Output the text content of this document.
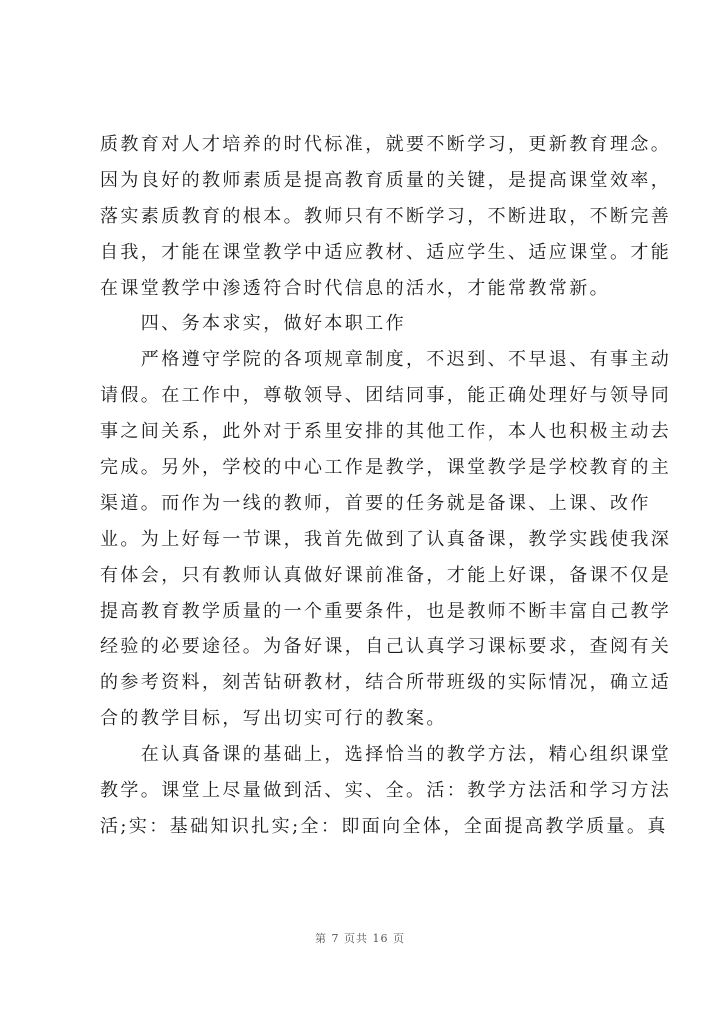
质教育对人才培养的时代标准，就要不断学习，更新教育理念。
因为良好的教师素质是提高教育质量的关键，是提高课堂效率，
落实素质教育的根本。教师只有不断学习，不断进取，不断完善
自我，才能在课堂教学中适应教材、适应学生、适应课堂。才能
在课堂教学中渗透符合时代信息的活水，才能常教常新。
　　四、务本求实，做好本职工作
　　严格遵守学院的各项规章制度，不迟到、不早退、有事主动
请假。在工作中，尊敬领导、团结同事，能正确处理好与领导同
事之间关系，此外对于系里安排的其他工作，本人也积极主动去
完成。另外，学校的中心工作是教学，课堂教学是学校教育的主
渠道。而作为一线的教师，首要的任务就是备课、上课、改作
业。为上好每一节课，我首先做到了认真备课，教学实践使我深
有体会，只有教师认真做好课前准备，才能上好课，备课不仅是
提高教育教学质量的一个重要条件，也是教师不断丰富自己教学
经验的必要途径。为备好课，自己认真学习课标要求，查阅有关
的参考资料，刻苦钻研教材，结合所带班级的实际情况，确立适
合的教学目标，写出切实可行的教案。
　　在认真备课的基础上，选择恰当的教学方法，精心组织课堂
教学。课堂上尽量做到活、实、全。活：教学方法活和学习方法
活;实：基础知识扎实;全：即面向全体，全面提高教学质量。真
第 7 页共 16 页
